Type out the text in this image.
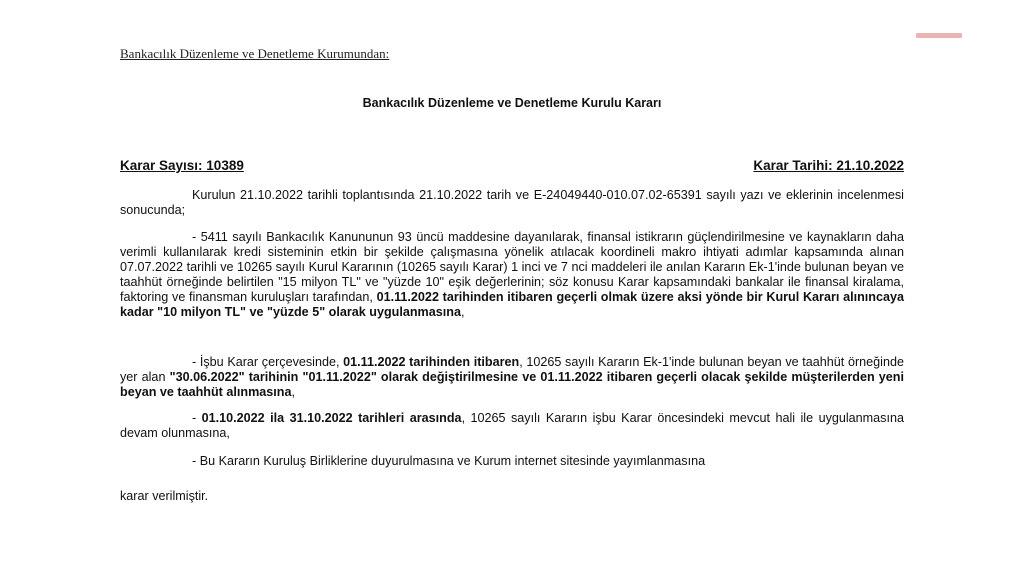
Bankacılık Düzenleme ve Denetleme Kurumundan:
Bankacılık Düzenleme ve Denetleme Kurulu Kararı
Karar Sayısı: 10389	Karar Tarihi: 21.10.2022

Kurulun 21.10.2022 tarihli toplantısında 21.10.2022 tarih ve E-24049440-010.07.02-65391 sayılı yazı ve eklerinin incelenmesi sonucunda;

- 5411 sayılı Bankacılık Kanununun 93 üncü maddesine dayanılarak, finansal istikrarın güçlendirilmesine ve kaynakların daha verimli kullanılarak kredi sisteminin etkin bir şekilde çalışmasına yönelik atılacak koordineli makro ihtiyati adımlar kapsamında alınan 07.07.2022 tarihli ve 10265 sayılı Kurul Kararının (10265 sayılı Karar) 1 inci ve 7 nci maddeleri ile anılan Kararın Ek-1'inde bulunan beyan ve taahhüt örneğinde belirtilen "15 milyon TL" ve "yüzde 10" eşik değerlerinin; söz konusu Karar kapsamındaki bankalar ile finansal kiralama, faktoring ve finansman kuruluşları tarafından, 01.11.2022 tarihinden itibaren geçerli olmak üzere aksi yönde bir Kurul Kararı alınıncaya kadar "10 milyon TL" ve "yüzde 5" olarak uygulanmasına,

- İşbu Karar çerçevesinde, 01.11.2022 tarihinden itibaren, 10265 sayılı Kararın Ek-1'inde bulunan beyan ve taahhüt örneğinde yer alan "30.06.2022" tarihinin "01.11.2022" olarak değiştirilmesine ve 01.11.2022 itibaren geçerli olacak şekilde müşterilerden yeni beyan ve taahhüt alınmasına,

- 01.10.2022 ila 31.10.2022 tarihleri arasında, 10265 sayılı Kararın işbu Karar öncesindeki mevcut hali ile uygulanmasına devam olunmasına,

- Bu Kararın Kuruluş Birliklerine duyurulmasına ve Kurum internet sitesinde yayımlanmasına

karar verilmiştir.
